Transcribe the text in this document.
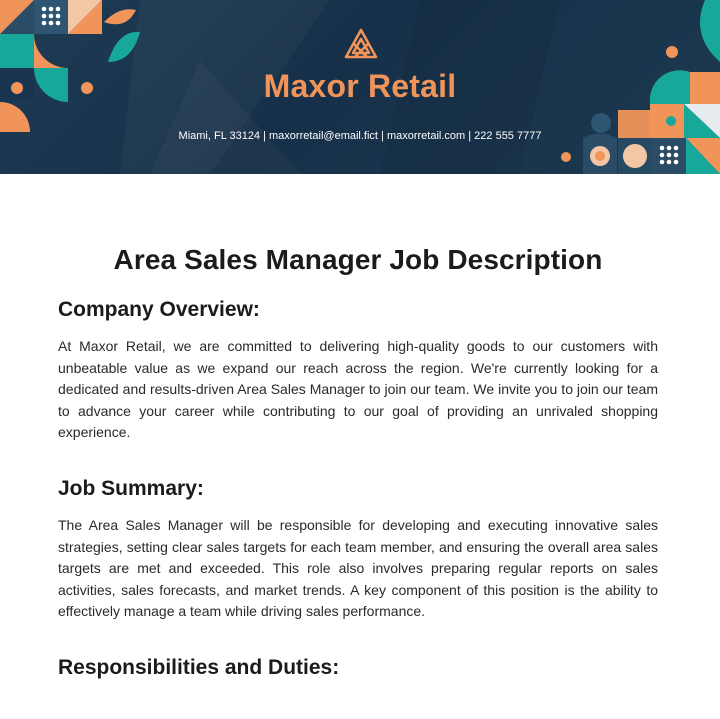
Maxor Retail
Miami, FL 33124 | maxorretail@email.fict | maxorretail.com | 222 555 7777
Area Sales Manager Job Description
Company Overview:

At Maxor Retail, we are committed to delivering high-quality goods to our customers with unbeatable value as we expand our reach across the region. We're currently looking for a dedicated and results-driven Area Sales Manager to join our team. We invite you to join our team to advance your career while contributing to our goal of providing an unrivaled shopping experience.

Job Summary:

The Area Sales Manager will be responsible for developing and executing innovative sales strategies, setting clear sales targets for each team member, and ensuring the overall area sales targets are met and exceeded. This role also involves preparing regular reports on sales activities, sales forecasts, and market trends. A key component of this position is the ability to effectively manage a team while driving sales performance.

Responsibilities and Duties:
